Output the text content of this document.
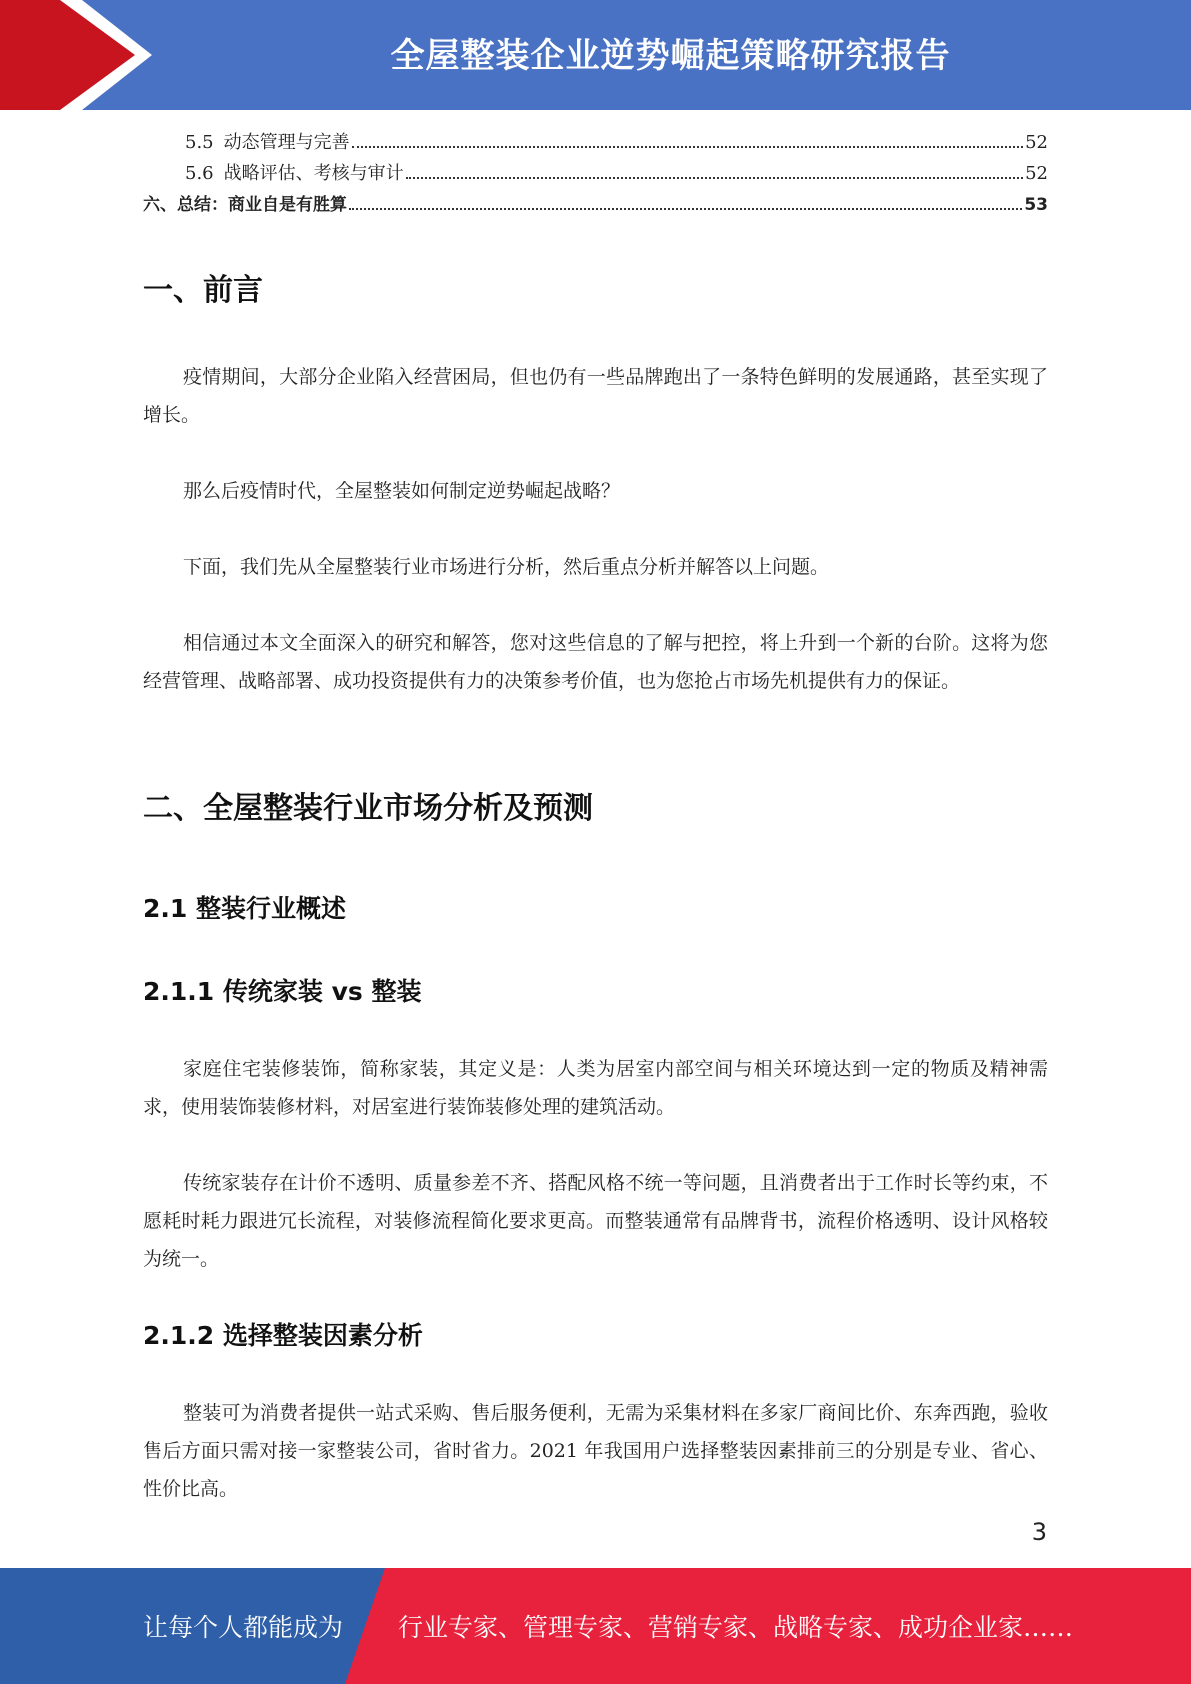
全屋整装企业逆势崛起策略研究报告
5.5 动态管理与完善	52
5.6 战略评估、考核与审计	52
六、总结：商业自是有胜算	53
一、前言
疫情期间，大部分企业陷入经营困局，但也仍有一些品牌跑出了一条特色鲜明的发展通路，甚至实现了增长。
那么后疫情时代，全屋整装如何制定逆势崛起战略？
下面，我们先从全屋整装行业市场进行分析，然后重点分析并解答以上问题。
相信通过本文全面深入的研究和解答，您对这些信息的了解与把控，将上升到一个新的台阶。这将为您经营管理、战略部署、成功投资提供有力的决策参考价值，也为您抢占市场先机提供有力的保证。
二、全屋整装行业市场分析及预测
2.1 整装行业概述
2.1.1 传统家装 vs 整装
家庭住宅装修装饰，简称家装，其定义是：人类为居室内部空间与相关环境达到一定的物质及精神需求，使用装饰装修材料，对居室进行装饰装修处理的建筑活动。
传统家装存在计价不透明、质量参差不齐、搭配风格不统一等问题，且消费者出于工作时长等约束，不愿耗时耗力跟进冗长流程，对装修流程简化要求更高。而整装通常有品牌背书，流程价格透明、设计风格较为统一。
2.1.2 选择整装因素分析
整装可为消费者提供一站式采购、售后服务便利，无需为采集材料在多家厂商间比价、东奔西跑，验收售后方面只需对接一家整装公司，省时省力。2021 年我国用户选择整装因素排前三的分别是专业、省心、性价比高。
3
让每个人都能成为 行业专家、管理专家、营销专家、战略专家、成功企业家……
